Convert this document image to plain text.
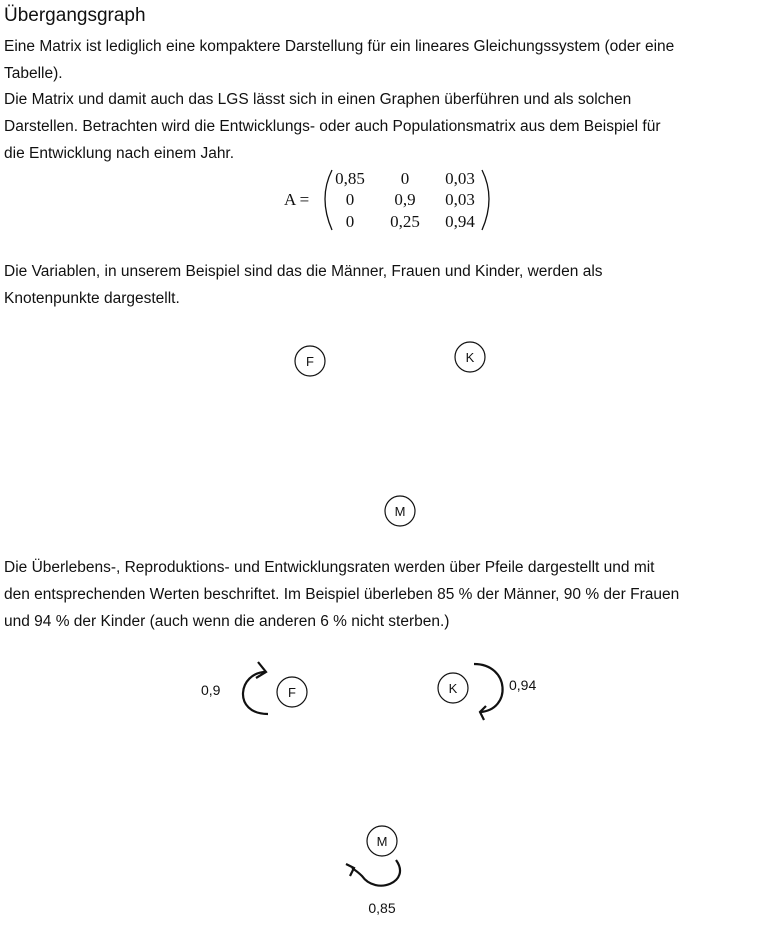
Übergangsgraph
Eine Matrix ist lediglich eine kompaktere Darstellung für ein lineares Gleichungssystem (oder eine
Tabelle).
Die Matrix und damit auch das LGS lässt sich in einen Graphen überführen und als solchen
Darstellen. Betrachten wird die Entwicklungs- oder auch Populationsmatrix aus dem Beispiel für
die Entwicklung nach einem Jahr.
A =
0,85 0 0,03
0 0,9 0,03
0 0,25 0,94
Die Variablen, in unserem Beispiel sind das die Männer, Frauen und Kinder, werden als
Knotenpunkte dargestellt.
F	K
M
Die Überlebens-, Reproduktions- und Entwicklungsraten werden über Pfeile dargestellt und mit
den entsprechenden Werten beschriftet. Im Beispiel überleben 85 % der Männer, 90 % der Frauen
und 94 % der Kinder (auch wenn die anderen 6 % nicht sterben.)
F
0,9	K	0,94
M
0,85
